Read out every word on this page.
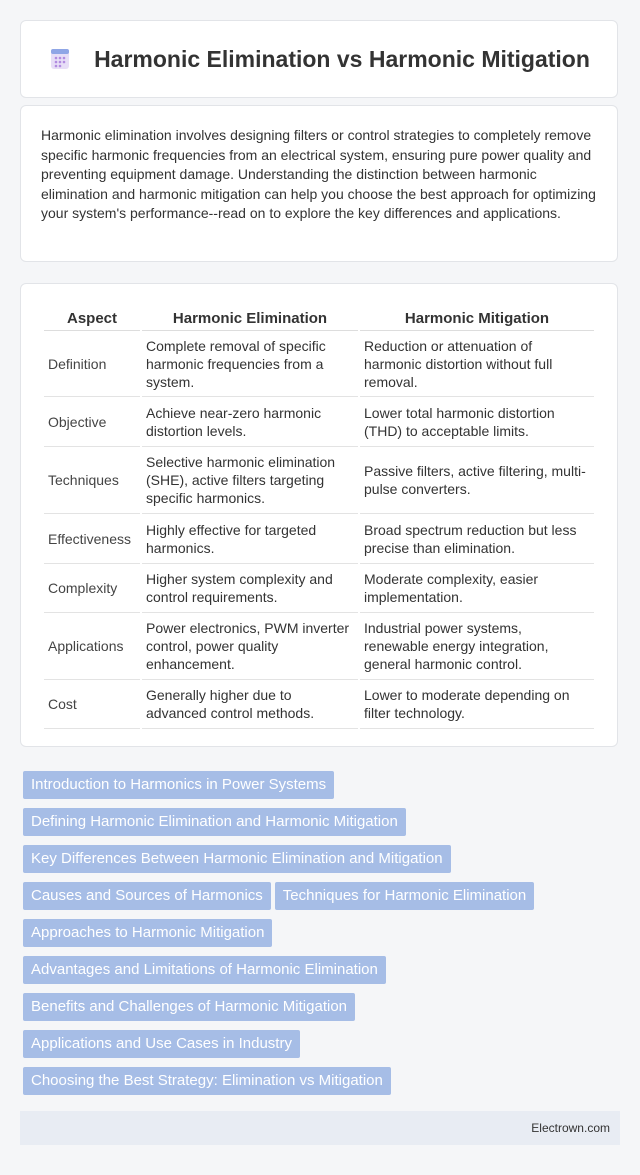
Harmonic Elimination vs Harmonic Mitigation

Harmonic elimination involves designing filters or control strategies to completely remove specific harmonic frequencies from an electrical system, ensuring pure power quality and preventing equipment damage. Understanding the distinction between harmonic elimination and harmonic mitigation can help you choose the best approach for optimizing your system's performance--read on to explore the key differences and applications.

Aspect	Harmonic Elimination	Harmonic Mitigation
Definition	Complete removal of specific harmonic frequencies from a system.	Reduction or attenuation of harmonic distortion without full removal.
Objective	Achieve near-zero harmonic distortion levels.	Lower total harmonic distortion (THD) to acceptable limits.
Techniques	Selective harmonic elimination (SHE), active filters targeting specific harmonics.	Passive filters, active filtering, multi-pulse converters.
Effectiveness	Highly effective for targeted harmonics.	Broad spectrum reduction but less precise than elimination.
Complexity	Higher system complexity and control requirements.	Moderate complexity, easier implementation.
Applications	Power electronics, PWM inverter control, power quality enhancement.	Industrial power systems, renewable energy integration, general harmonic control.
Cost	Generally higher due to advanced control methods.	Lower to moderate depending on filter technology.
Introduction to Harmonics in Power Systems
Defining Harmonic Elimination and Harmonic Mitigation
Key Differences Between Harmonic Elimination and Mitigation
Causes and Sources of Harmonics Techniques for Harmonic Elimination
Approaches to Harmonic Mitigation
Advantages and Limitations of Harmonic Elimination
Benefits and Challenges of Harmonic Mitigation
Applications and Use Cases in Industry
Choosing the Best Strategy: Elimination vs Mitigation
Electrown.com
